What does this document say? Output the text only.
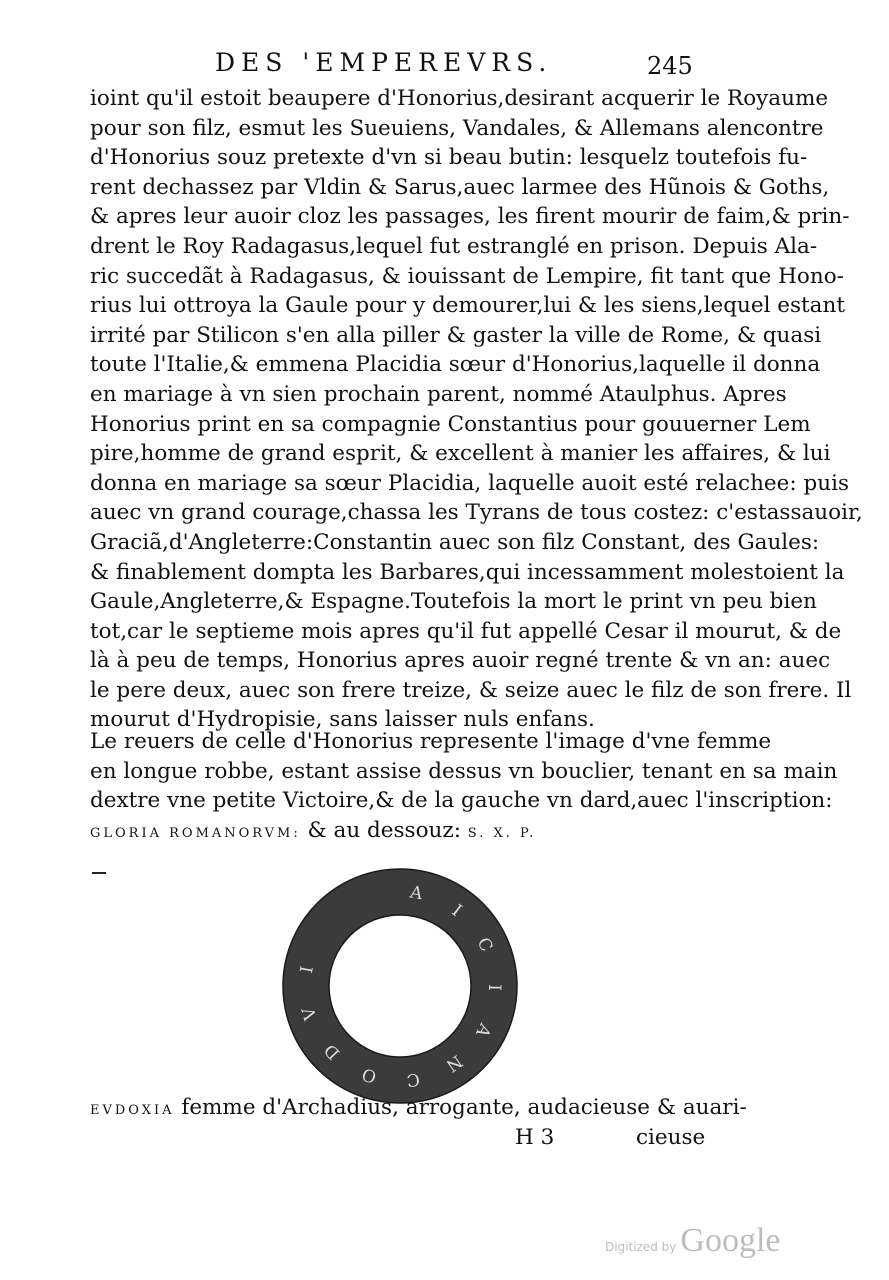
DES 'EMPEREVRS.	245
ioint qu'il estoit beaupere d'Honorius,desirant acquerir le Royaume
pour son filz, esmut les Sueuiens, Vandales, & Allemans alencontre
d'Honorius souz pretexte d'vn si beau butin: lesquelz toutefois fu-
rent dechassez par Vldin & Sarus,auec larmee des Hũnois & Goths,
& apres leur auoir cloz les passages, les firent mourir de faim,& prin-
drent le Roy Radagasus,lequel fut estranglé en prison. Depuis Ala-
ric succedãt à Radagasus, & iouissant de Lempire, fit tant que Hono-
rius lui ottroya la Gaule pour y demourer,lui & les siens,lequel estant
irrité par Stilicon s'en alla piller & gaster la ville de Rome, & quasi
toute l'Italie,& emmena Placidia sœur d'Honorius,laquelle il donna
en mariage à vn sien prochain parent, nommé Ataulphus. Apres
Honorius print en sa compagnie Constantius pour gouuerner Lem
pire,homme de grand esprit, & excellent à manier les affaires, & lui
donna en mariage sa sœur Placidia, laquelle auoit esté relachee: puis
auec vn grand courage,chassa les Tyrans de tous costez: c'estassauoir,
Graciã,d'Angleterre:Constantin auec son filz Constant, des Gaules:
& finablement dompta les Barbares,qui incessamment molestoient la
Gaule,Angleterre,& Espagne.Toutefois la mort le print vn peu bien
tot,car le septieme mois apres qu'il fut appellé Cesar il mourut, & de
là à peu de temps, Honorius apres auoir regné trente & vn an: auec
le pere deux, auec son frere treize, & seize auec le filz de son frere. Il
mourut d'Hydropisie, sans laisser nuls enfans.
Le reuers de celle d'Honorius represente l'image d'vne femme
en longue robbe, estant assise dessus vn bouclier, tenant en sa main
dextre vne petite Victoire,& de la gauche vn dard,auec l'inscription:
GLORIA ROMANORVM: & au dessouz: S. X. P.
A
I
C
I
A
N
C
O
D
V
I
EVDOXIA femme d'Archadius, arrogante, audacieuse & auari-
H 3	cieuse
Digitized by Google
